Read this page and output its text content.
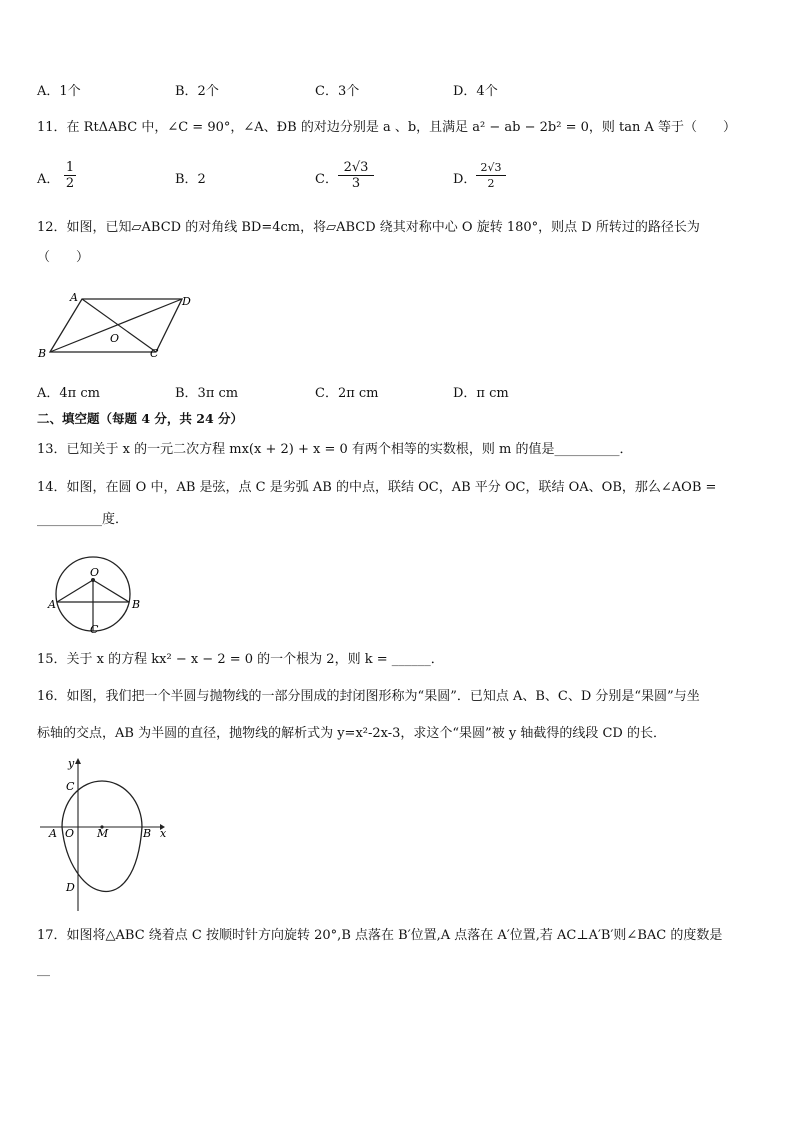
A．1个	B．2个	C．3个	D．4个
11．在 RtΔABC 中，∠C = 90°，∠A、ÐB 的对边分别是 a 、b，且满足 a² − ab − 2b² = 0，则 tan A 等于（　　）
A． $\frac{1}{2}$	B．2	C． $\frac{2√3}{3}$	D． $\frac{2√3}{2}$
12．如图，已知▱ABCD 的对角线 BD=4cm，将▱ABCD 绕其对称中心 O 旋转 180°，则点 D 所转过的路径长为
（　　）
A	D
B	C
O
A．4π cm	B．3π cm	C．2π cm	D．π cm
二、填空题（每题 4 分，共 24 分）
13．已知关于 x 的一元二次方程 mx(x + 2) + x = 0 有两个相等的实数根，则 m 的值是__________．
14．如图，在圆 O 中，AB 是弦，点 C 是劣弧 AB 的中点，联结 OC，AB 平分 OC，联结 OA、OB，那么∠AOB =
__________度．
O
A	B
C
15．关于 x 的方程 kx² − x − 2 = 0 的一个根为 2，则 k = ______．
16．如图，我们把一个半圆与抛物线的一部分围成的封闭图形称为“果圆”．已知点 A、B、C、D 分别是“果圆”与坐
标轴的交点，AB 为半圆的直径，抛物线的解析式为 y=x²-2x-3，求这个“果圆”被 y 轴截得的线段 CD 的长．
y
x
C
A O M	B
D
17．如图将△ABC 绕着点 C 按顺时针方向旋转 20°,B 点落在 B′位置,A 点落在 A′位置,若 AC⊥A′B′则∠BAC 的度数是
__
